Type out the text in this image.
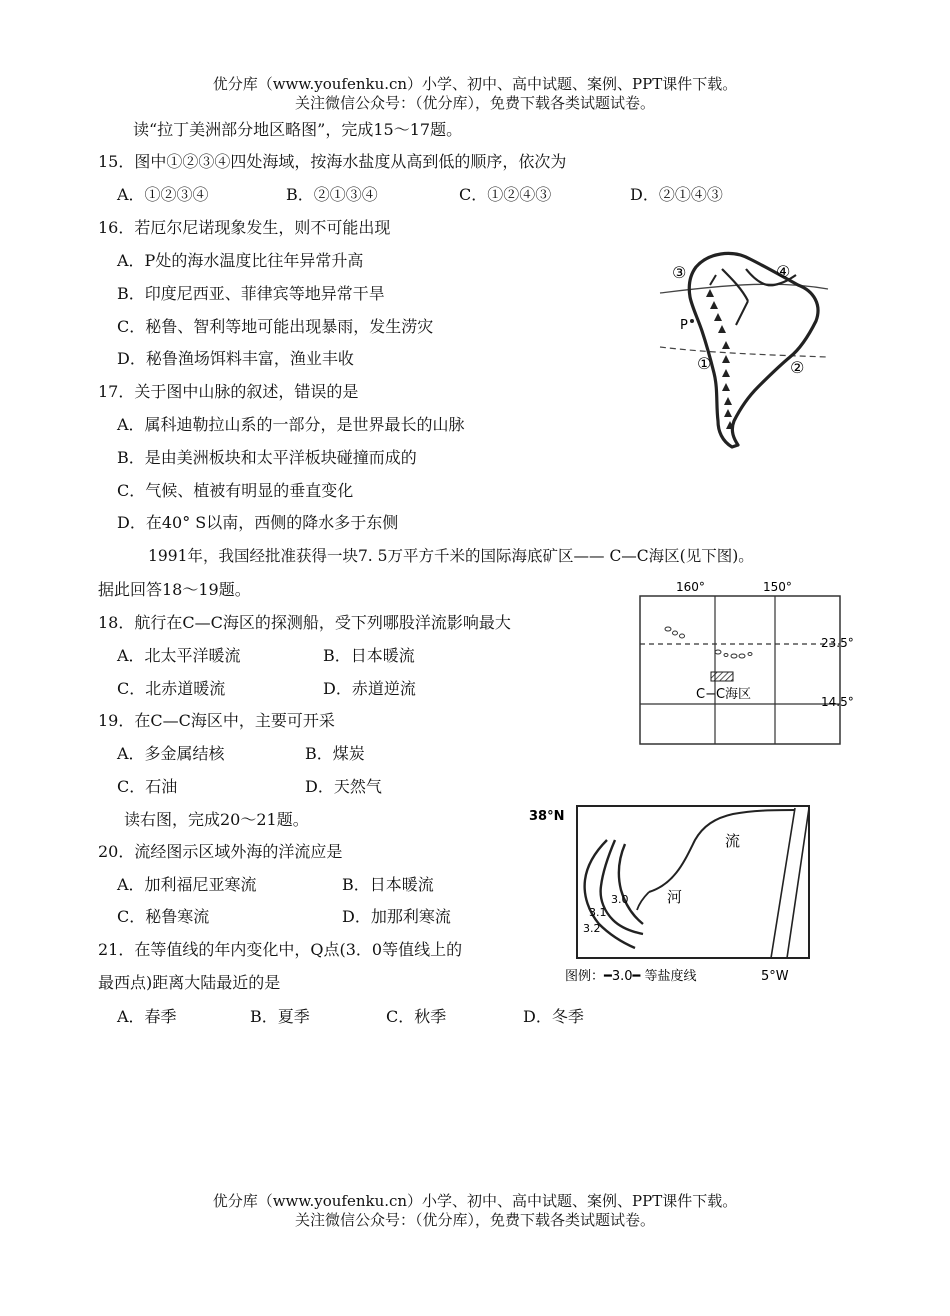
优分库（www.youfenku.cn）小学、初中、高中试题、案例、PPT课件下载。
关注微信公众号：（优分库），免费下载各类试题试卷。
读“拉丁美洲部分地区略图”，完成15～17题。
15．图中①②③④四处海域，按海水盐度从高到低的顺序，依次为
A．①②③④	B．②①③④	C．①②④③	D．②①④③
16．若厄尔尼诺现象发生，则不可能出现
A．P处的海水温度比往年异常升高
B．印度尼西亚、菲律宾等地异常干旱
C．秘鲁、智利等地可能出现暴雨，发生涝灾
D．秘鲁渔场饵料丰富，渔业丰收
17．关于图中山脉的叙述，错误的是
A．属科迪勒拉山系的一部分，是世界最长的山脉
B．是由美洲板块和太平洋板块碰撞而成的
C．气候、植被有明显的垂直变化
D．在40° S以南，西侧的降水多于东侧
1991年，我国经批准获得一块7. 5万平方千米的国际海底矿区—— C—C海区(见下图)。
据此回答18～19题。
18．航行在C—C海区的探测船，受下列哪股洋流影响最大
A．北太平洋暖流	B．日本暖流
C．北赤道暖流	D．赤道逆流
19．在C—C海区中，主要可开采
A．多金属结核	B．煤炭
C．石油	D．天然气
读右图，完成20～21题。
20．流经图示区域外海的洋流应是
A．加利福尼亚寒流	B．日本暖流
C．秘鲁寒流	D．加那利寒流
21．在等值线的年内变化中，Q点(3．0等值线上的
最西点)距离大陆最近的是
A．春季	B．夏季	C．秋季	D．冬季
P
③	④
①	②
160°	150°
23.5°
14.5°
C−C海区
38°N
流
河
3.0
3.1
3.2
图例：━3.0━ 等盐度线	5°W
优分库（www.youfenku.cn）小学、初中、高中试题、案例、PPT课件下载。
关注微信公众号：（优分库），免费下载各类试题试卷。
